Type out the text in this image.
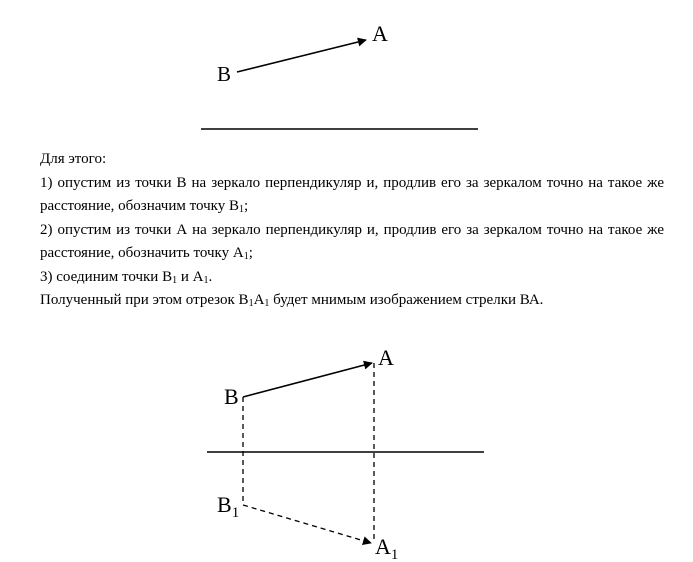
A
B

Для этого:

1) опустим из точки В на зеркало перпендикуляр и, продлив его за зеркалом точно на такое же расстояние, обозначим точку $В_1$;

2) опустим из точки А на зеркало перпендикуляр и, продлив его за зеркалом точно на такое же расстояние, обозначить точку $А_1$;

3) соединим точки $В_1$ и $А_1$.

Полученный при этом отрезок $В_1А_1$ будет мнимым изображением стрелки ВА.

A
B
$B_1$
$A_1$
